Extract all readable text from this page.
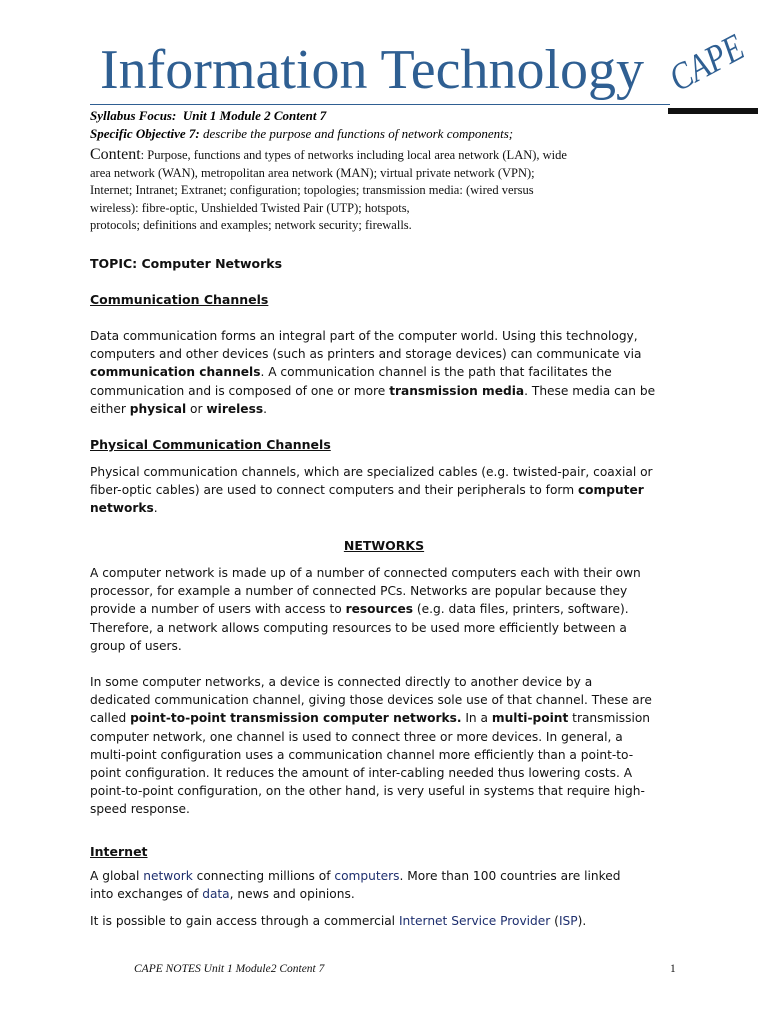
Information Technology CAPE
Syllabus Focus: Unit 1 Module 2 Content 7
Specific Objective 7: describe the purpose and functions of network components;
Content: Purpose, functions and types of networks including local area network (LAN), wide
area network (WAN), metropolitan area network (MAN); virtual private network (VPN);
Internet; Intranet; Extranet; configuration; topologies; transmission media: (wired versus
wireless): fibre-optic, Unshielded Twisted Pair (UTP); hotspots,
protocols; definitions and examples; network security; firewalls.
TOPIC: Computer Networks
Communication Channels
Data communication forms an integral part of the computer world. Using this technology,
computers and other devices (such as printers and storage devices) can communicate via
communication channels. A communication channel is the path that facilitates the
communication and is composed of one or more transmission media. These media can be
either physical or wireless.
Physical Communication Channels
Physical communication channels, which are specialized cables (e.g. twisted-pair, coaxial or
fiber-optic cables) are used to connect computers and their peripherals to form computer
networks.
NETWORKS
A computer network is made up of a number of connected computers each with their own
processor, for example a number of connected PCs. Networks are popular because they
provide a number of users with access to resources (e.g. data files, printers, software).
Therefore, a network allows computing resources to be used more efficiently between a
group of users.
In some computer networks, a device is connected directly to another device by a
dedicated communication channel, giving those devices sole use of that channel. These are
called point-to-point transmission computer networks. In a multi-point transmission
computer network, one channel is used to connect three or more devices. In general, a
multi-point configuration uses a communication channel more efficiently than a point-to-
point configuration. It reduces the amount of inter-cabling needed thus lowering costs. A
point-to-point configuration, on the other hand, is very useful in systems that require high-
speed response.
Internet
A global network connecting millions of computers. More than 100 countries are linked
into exchanges of data, news and opinions.
It is possible to gain access through a commercial Internet Service Provider (ISP).
CAPE NOTES Unit 1 Module2 Content 7	1
